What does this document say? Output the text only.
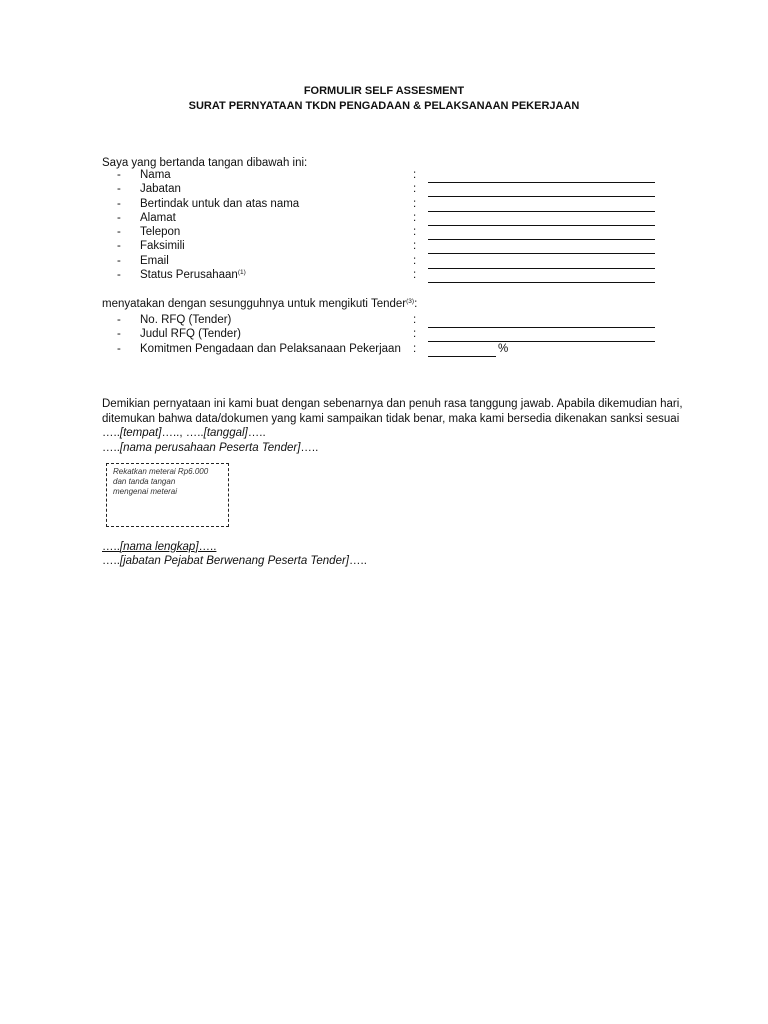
FORMULIR SELF ASSESMENT
SURAT PERNYATAAN TKDN PENGADAAN & PELAKSANAAN PEKERJAAN
Saya yang bertanda tangan dibawah ini:
- Nama	:
- Jabatan	:
- Bertindak untuk dan atas nama	:
- Alamat	:
- Telepon	:
- Faksimili	:
- Email	:
- Status Perusahaan$^{(1)}$	:
menyatakan dengan sesungguhnya untuk mengikuti Tender$^{(3)}$:
- No. RFQ (Tender)	:
- Judul RFQ (Tender)	:
- Komitmen Pengadaan dan Pelaksanaan Pekerjaan :	%
Demikian pernyataan ini kami buat dengan sebenarnya dan penuh rasa tanggung jawab. Apabila dikemudian hari,
ditemukan bahwa data/dokumen yang kami sampaikan tidak benar, maka kami bersedia dikenakan sanksi sesuai
…..[tempat]….., …..[tanggal]…..
…..[nama perusahaan Peserta Tender]…..
Rekatkan meterai Rp6.000
dan tanda tangan
mengenai meterai
…..[nama lengkap]…..
…..[jabatan Pejabat Berwenang Peserta Tender]…..
